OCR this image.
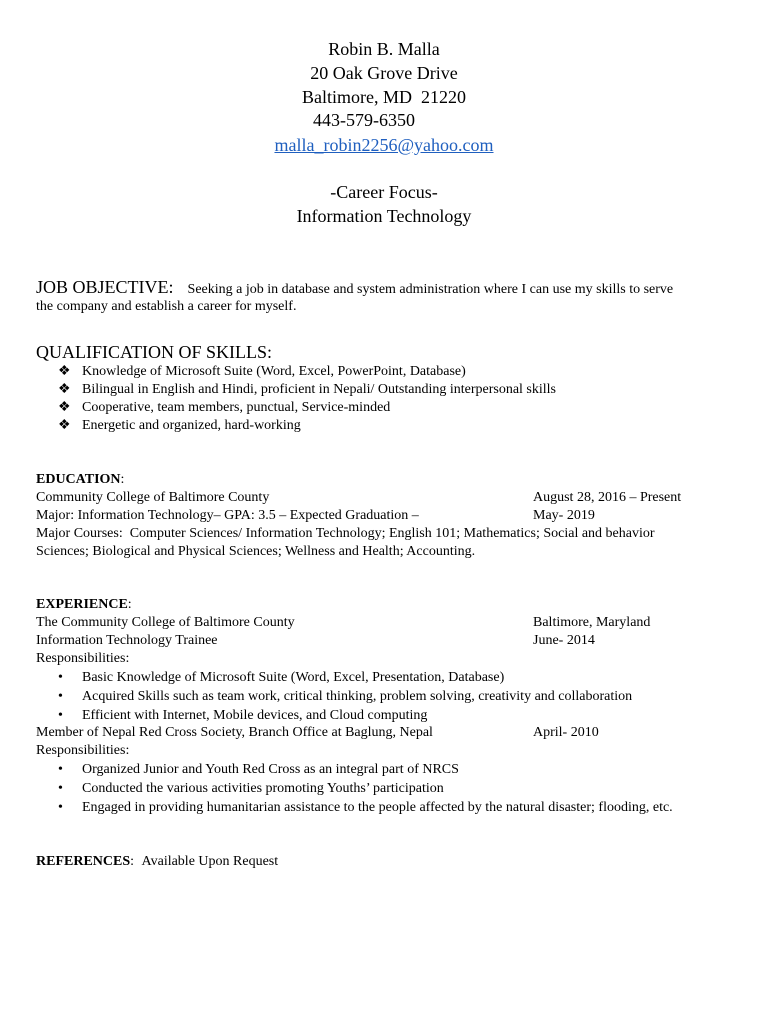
Robin B. Malla
20 Oak Grove Drive
Baltimore, MD  21220
443-579-6350
malla_robin2256@yahoo.com
-Career Focus-
Information Technology
JOB OBJECTIVE: Seeking a job in database and system administration where I can use my skills to serve
the company and establish a career for myself.
QUALIFICATION OF SKILLS:
❖ Knowledge of Microsoft Suite (Word, Excel, PowerPoint, Database)
❖ Bilingual in English and Hindi, proficient in Nepali/ Outstanding interpersonal skills
❖ Cooperative, team members, punctual, Service-minded
❖ Energetic and organized, hard-working
EDUCATION:
Community College of Baltimore County	August 28, 2016 – Present
Major: Information Technology– GPA: 3.5 – Expected Graduation –	May- 2019
Major Courses:  Computer Sciences/ Information Technology; English 101; Mathematics; Social and behavior
Sciences; Biological and Physical Sciences; Wellness and Health; Accounting.
EXPERIENCE:
The Community College of Baltimore County	Baltimore, Maryland
Information Technology Trainee	June- 2014
Responsibilities:
• Basic Knowledge of Microsoft Suite (Word, Excel, Presentation, Database)
• Acquired Skills such as team work, critical thinking, problem solving, creativity and collaboration
• Efficient with Internet, Mobile devices, and Cloud computing
Member of Nepal Red Cross Society, Branch Office at Baglung, Nepal	April- 2010
Responsibilities:
• Organized Junior and Youth Red Cross as an integral part of NRCS
• Conducted the various activities promoting Youths’ participation
• Engaged in providing humanitarian assistance to the people affected by the natural disaster; flooding, etc.
REFERENCES: Available Upon Request
